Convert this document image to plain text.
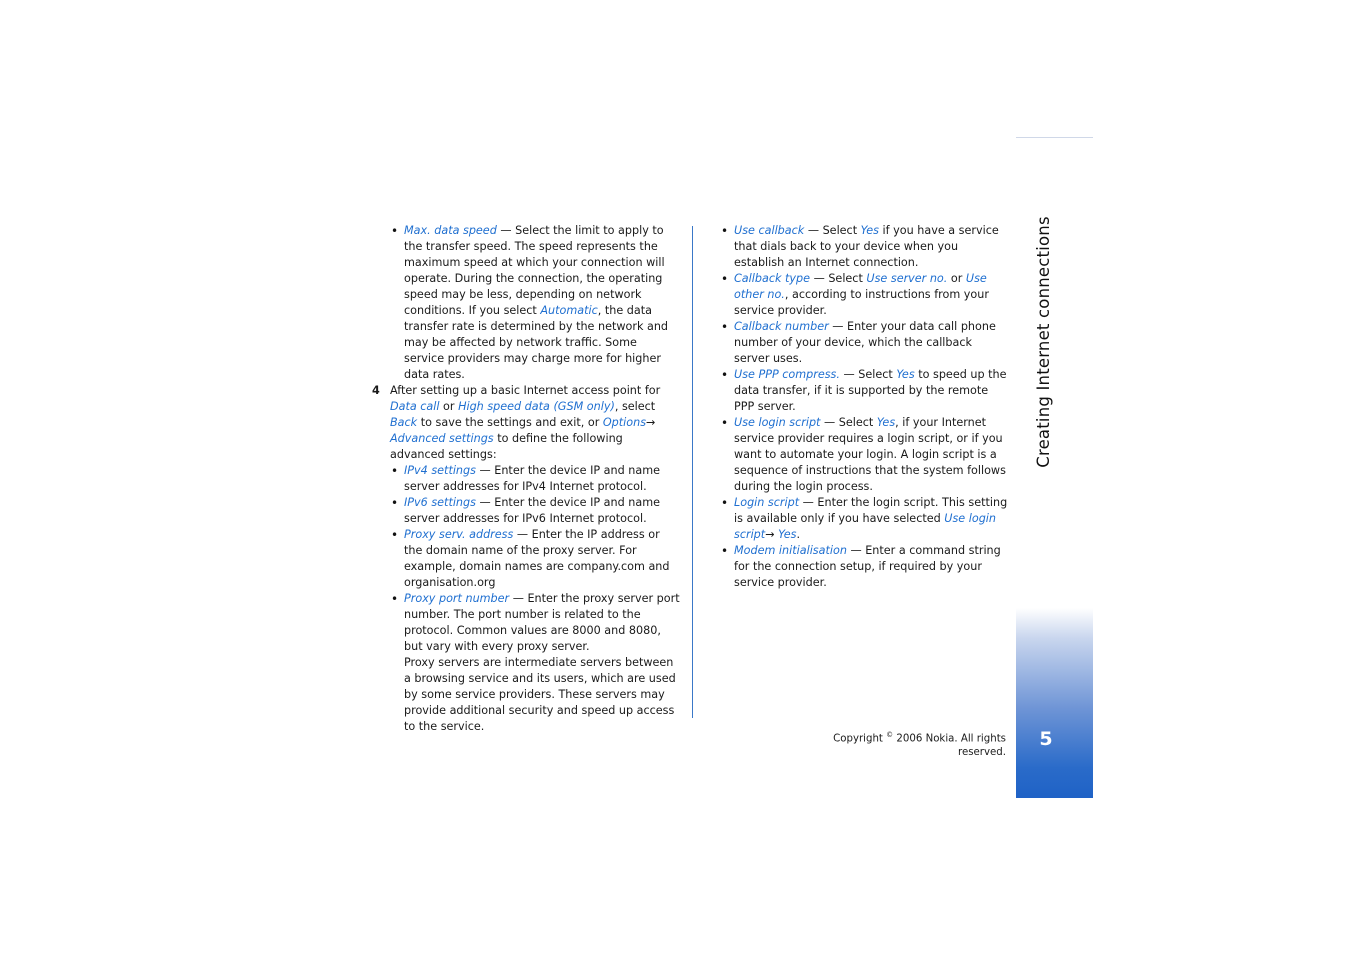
• Max. data speed — Select the limit to apply to the transfer speed. The speed represents the maximum speed at which your connection will operate. During the connection, the operating speed may be less, depending on network conditions. If you select Automatic, the data transfer rate is determined by the network and may be affected by network traffic. Some service providers may charge more for higher data rates.
4 After setting up a basic Internet access point for Data call or High speed data (GSM only), select Back to save the settings and exit, or Options→ Advanced settings to define the following advanced settings:
• IPv4 settings — Enter the device IP and name server addresses for IPv4 Internet protocol.
• IPv6 settings — Enter the device IP and name server addresses for IPv6 Internet protocol.
• Proxy serv. address — Enter the IP address or the domain name of the proxy server. For example, domain names are company.com and organisation.org
• Proxy port number — Enter the proxy server port number. The port number is related to the protocol. Common values are 8000 and 8080, but vary with every proxy server.

Proxy servers are intermediate servers between a browsing service and its users, which are used by some service providers. These servers may provide additional security and speed up access to the service.

• Use callback — Select Yes if you have a service that dials back to your device when you establish an Internet connection.
• Callback type — Select Use server no. or Use other no., according to instructions from your service provider.
• Callback number — Enter your data call phone number of your device, which the callback server uses.
• Use PPP compress. — Select Yes to speed up the data transfer, if it is supported by the remote PPP server.
• Use login script — Select Yes, if your Internet service provider requires a login script, or if you want to automate your login. A login script is a sequence of instructions that the system follows during the login process.
• Login script — Enter the login script. This setting is available only if you have selected Use login script→ Yes.
• Modem initialisation — Enter a command string for the connection setup, if required by your service provider.
Copyright © 2006 Nokia. All rights reserved.
Creating Internet connections
5
